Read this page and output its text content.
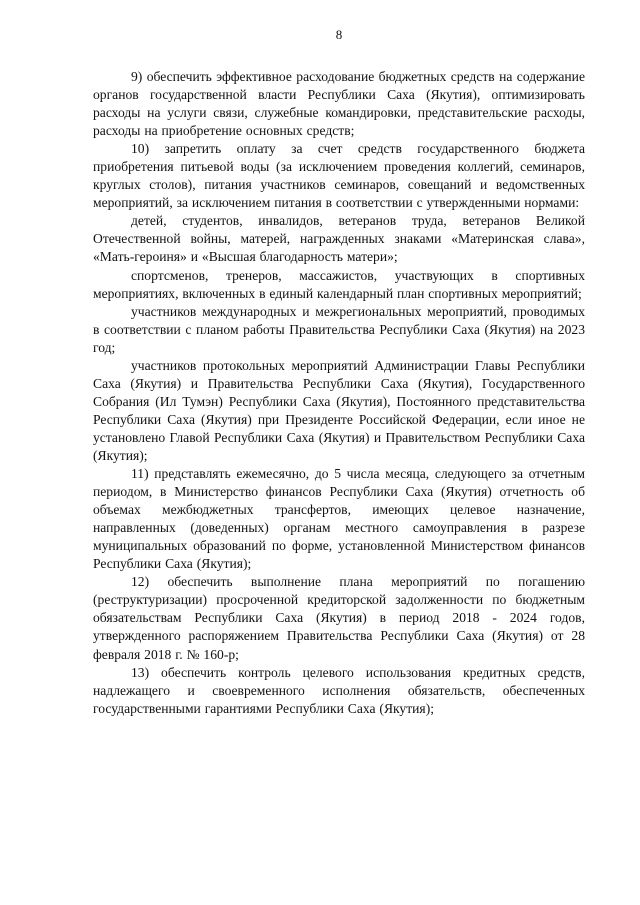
8

9) обеспечить эффективное расходование бюджетных средств на содержание органов государственной власти Республики Саха (Якутия), оптимизировать расходы на услуги связи, служебные командировки, представительские расходы, расходы на приобретение основных средств;

10) запретить оплату за счет средств государственного бюджета приобретения питьевой воды (за исключением проведения коллегий, семинаров, круглых столов), питания участников семинаров, совещаний и ведомственных мероприятий, за исключением питания в соответствии с утвержденными нормами:

детей, студентов, инвалидов, ветеранов труда, ветеранов Великой Отечественной войны, матерей, награжденных знаками «Материнская слава», «Мать-героиня» и «Высшая благодарность матери»;

спортсменов, тренеров, массажистов, участвующих в спортивных мероприятиях, включенных в единый календарный план спортивных мероприятий;

участников международных и межрегиональных мероприятий, проводимых в соответствии с планом работы Правительства Республики Саха (Якутия) на 2023 год;

участников протокольных мероприятий Администрации Главы Республики Саха (Якутия) и Правительства Республики Саха (Якутия), Государственного Собрания (Ил Тумэн) Республики Саха (Якутия), Постоянного представительства Республики Саха (Якутия) при Президенте Российской Федерации, если иное не установлено Главой Республики Саха (Якутия) и Правительством Республики Саха (Якутия);

11) представлять ежемесячно, до 5 числа месяца, следующего за отчетным периодом, в Министерство финансов Республики Саха (Якутия) отчетность об объемах межбюджетных трансфертов, имеющих целевое назначение, направленных (доведенных) органам местного самоуправления в разрезе муниципальных образований по форме, установленной Министерством финансов Республики Саха (Якутия);

12) обеспечить выполнение плана мероприятий по погашению (реструктуризации) просроченной кредиторской задолженности по бюджетным обязательствам Республики Саха (Якутия) в период 2018 - 2024 годов, утвержденного распоряжением Правительства Республики Саха (Якутия) от 28 февраля 2018 г. № 160-р;

13) обеспечить контроль целевого использования кредитных средств, надлежащего и своевременного исполнения обязательств, обеспеченных государственными гарантиями Республики Саха (Якутия);
